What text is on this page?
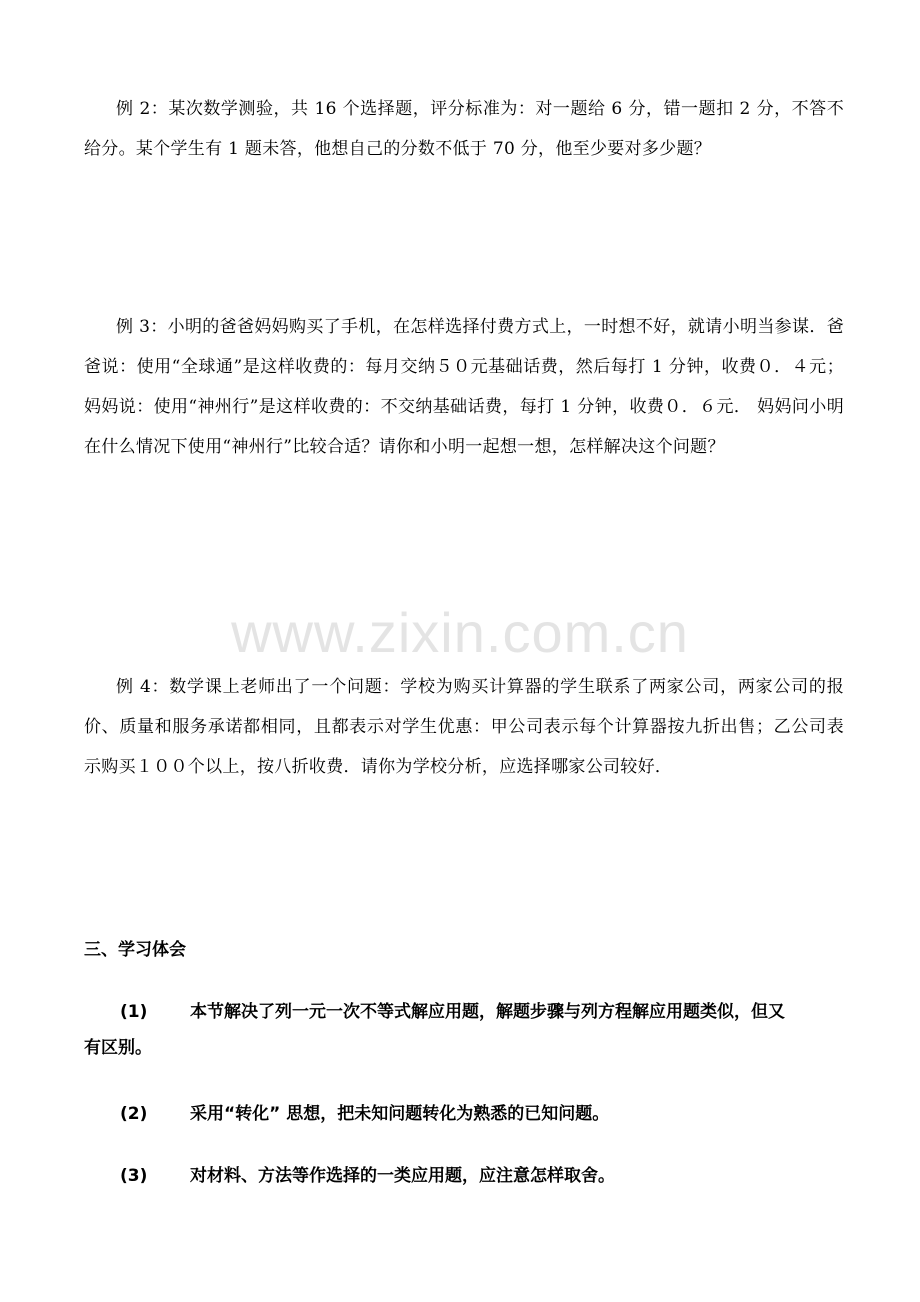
例 2：某次数学测验，共 16 个选择题，评分标准为：对一题给 6 分，错一题扣 2 分，不答不给分。某个学生有 1 题未答，他想自己的分数不低于 70 分，他至少要对多少题？

例 3：小明的爸爸妈妈购买了手机，在怎样选择付费方式上，一时想不好，就请小明当参谋．爸爸说：使用“全球通”是这样收费的：每月交纳５０元基础话费，然后每打 1 分钟，收费０．４元；妈妈说：使用“神州行”是这样收费的：不交纳基础话费，每打 1 分钟，收费０．６元． 妈妈问小明在什么情况下使用“神州行”比较合适？请你和小明一起想一想，怎样解决这个问题？

www.zixin.com.cn

例 4：数学课上老师出了一个问题：学校为购买计算器的学生联系了两家公司，两家公司的报价、质量和服务承诺都相同，且都表示对学生优惠：甲公司表示每个计算器按九折出售；乙公司表示购买１００个以上，按八折收费．请你为学校分析，应选择哪家公司较好．

三、学习体会
(1)	本节解决了列一元一次不等式解应用题，解题步骤与列方程解应用题类似，但又
有区别。
(2)	采用“转化” 思想，把未知问题转化为熟悉的已知问题。
(3)	对材料、方法等作选择的一类应用题，应注意怎样取舍。
